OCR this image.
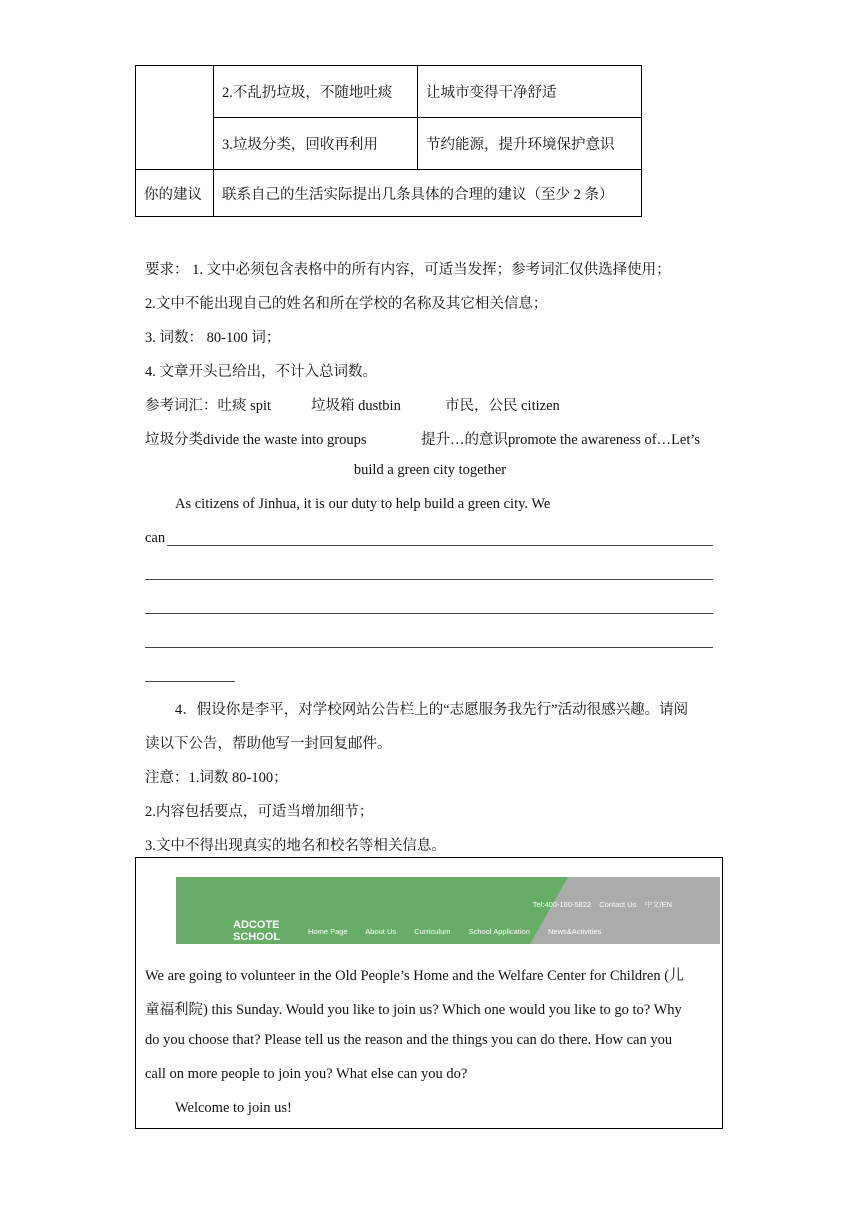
	2.不乱扔垃圾，不随地吐痰	让城市变得干净舒适
	3.垃圾分类，回收再利用	节约能源，提升环境保护意识
你的建议	联系自己的生活实际提出几条具体的合理的建议（至少 2 条）	
要求： 1. 文中必须包含表格中的所有内容，可适当发挥；参考词汇仅供选择使用；
2.文中不能出现自己的姓名和所在学校的名称及其它相关信息；
3. 词数： 80-100 词；
4. 文章开头已给出，不计入总词数。
参考词汇：吐痰 spit	垃圾箱 dustbin	市民，公民 citizen
垃圾分类divide the waste into groups	提升…的意识promote the awareness of…Let’s
build a green city together
As citizens of Jinhua, it is our duty to help build a green city. We
can
4．假设你是李平，对学校网站公告栏上的“志愿服务我先行”活动很感兴趣。请阅
读以下公告，帮助他写一封回复邮件。
注意：1.词数 80-100；
2.内容包括要点，可适当增加细节；
3.文中不得出现真实的地名和校名等相关信息。
Tel:400-160-5822 Contact Us 中文/EN
ADCOTE
SCHOOL	Home Page About Us Curriculum School Application News&Activities
We are going to volunteer in the Old People’s Home and the Welfare Center for Children (儿
童福利院) this Sunday. Would you like to join us? Which one would you like to go to? Why
do you choose that? Please tell us the reason and the things you can do there. How can you
call on more people to join you? What else can you do?
Welcome to join us!
